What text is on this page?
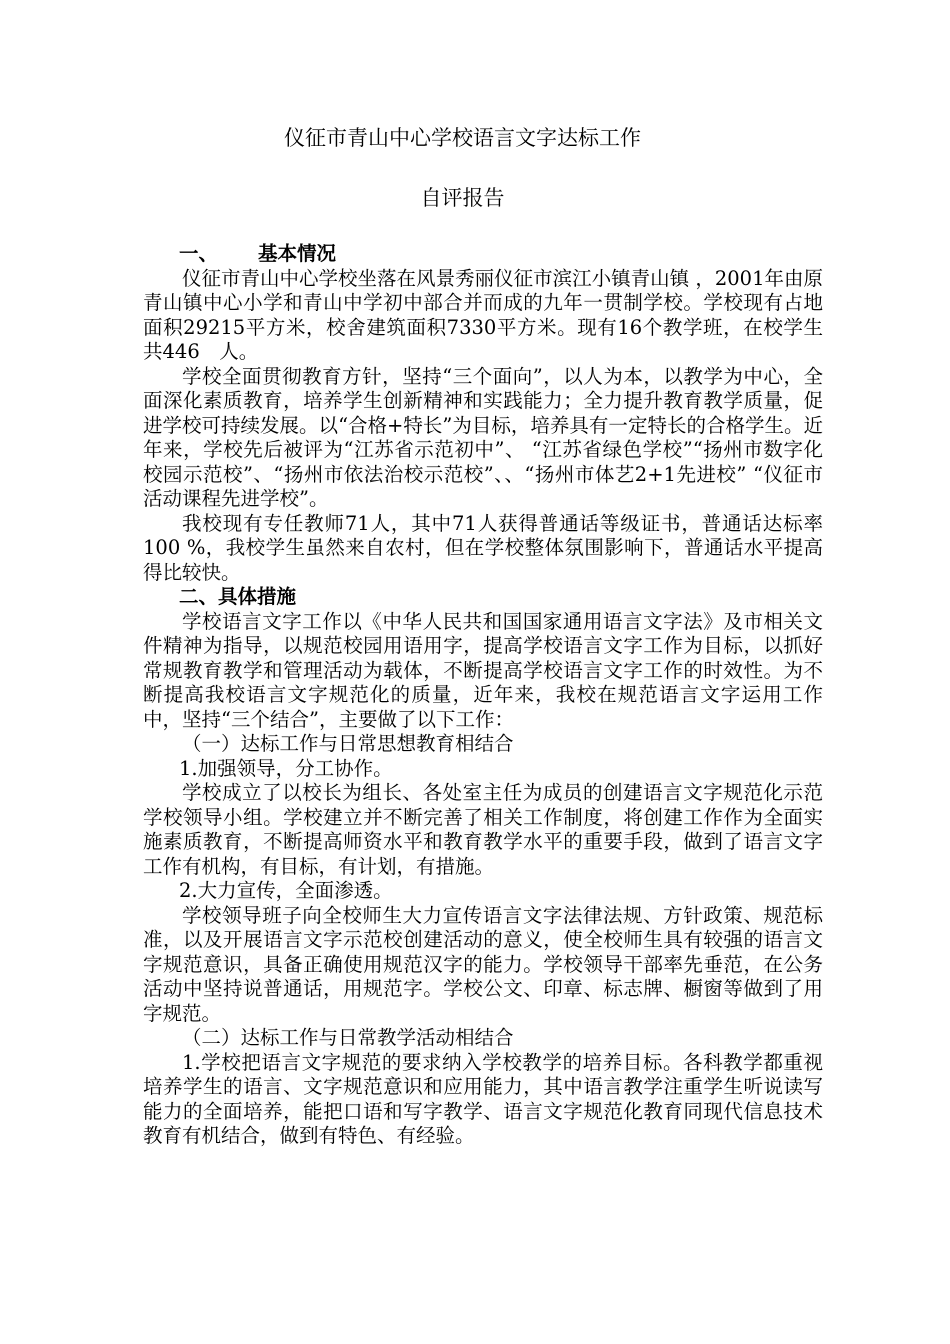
仪征市青山中心学校语言文字达标工作
自评报告
一、 基本情况

仪征市青山中心学校坐落在风景秀丽仪征市滨江小镇青山镇 ，2001年由原青山镇中心小学和青山中学初中部合并而成的九年一贯制学校。学校现有占地面积29215平方米，校舍建筑面积7330平方米。现有16个教学班，在校学生共446　人。

学校全面贯彻教育方针，坚持“三个面向”，以人为本，以教学为中心，全面深化素质教育，培养学生创新精神和实践能力；全力提升教育教学质量，促进学校可持续发展。以“合格+特长”为目标，培养具有一定特长的合格学生。近年来，学校先后被评为“江苏省示范初中”、 “江苏省绿色学校”“扬州市数字化校园示范校”、“扬州市依法治校示范校”、、“扬州市体艺2+1先进校” “仪征市活动课程先进学校”。

我校现有专任教师71人，其中71人获得普通话等级证书，普通话达标率100 %，我校学生虽然来自农村，但在学校整体氛围影响下，普通话水平提高得比较快。

二、具体措施

学校语言文字工作以《中华人民共和国国家通用语言文字法》及市相关文件精神为指导，以规范校园用语用字，提高学校语言文字工作为目标，以抓好常规教育教学和管理活动为载体，不断提高学校语言文字工作的时效性。为不断提高我校语言文字规范化的质量，近年来，我校在规范语言文字运用工作中，坚持“三个结合”，主要做了以下工作：

（一）达标工作与日常思想教育相结合
1.加强领导，分工协作。

学校成立了以校长为组长、各处室主任为成员的创建语言文字规范化示范学校领导小组。学校建立并不断完善了相关工作制度，将创建工作作为全面实施素质教育，不断提高师资水平和教育教学水平的重要手段，做到了语言文字工作有机构，有目标，有计划，有措施。

2.大力宣传，全面渗透。

学校领导班子向全校师生大力宣传语言文字法律法规、方针政策、规范标准，以及开展语言文字示范校创建活动的意义，使全校师生具有较强的语言文字规范意识，具备正确使用规范汉字的能力。学校领导干部率先垂范，在公务活动中坚持说普通话，用规范字。学校公文、印章、标志牌、橱窗等做到了用字规范。

（二）达标工作与日常教学活动相结合

1.学校把语言文字规范的要求纳入学校教学的培养目标。各科教学都重视培养学生的语言、文字规范意识和应用能力，其中语言教学注重学生听说读写能力的全面培养，能把口语和写字教学、语言文字规范化教育同现代信息技术教育有机结合，做到有特色、有经验。
